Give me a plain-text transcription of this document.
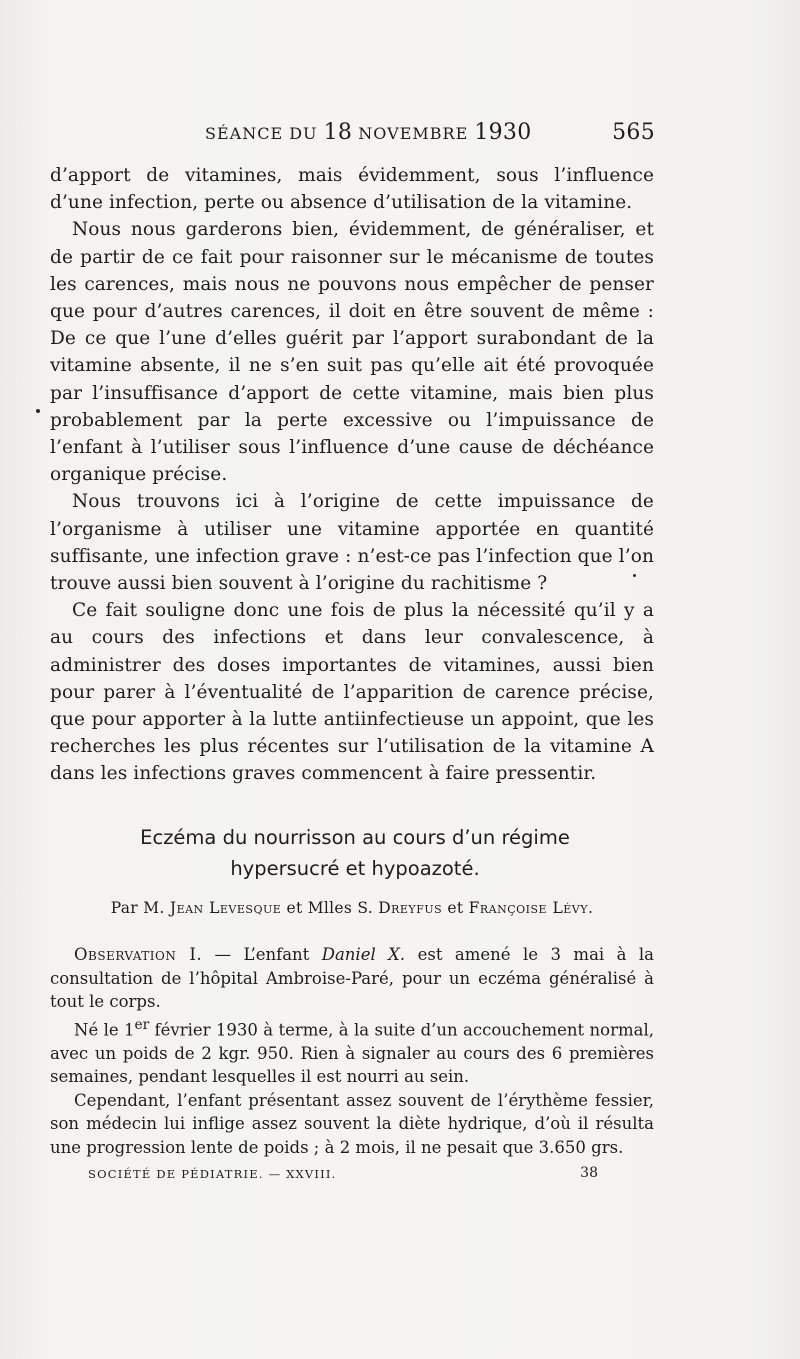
SÉANCE DU 18 NOVEMBRE 1930	565

d’apport de vitamines, mais évidemment, sous l’influence d’une infection, perte ou absence d’utilisation de la vitamine.

Nous nous garderons bien, évidemment, de généraliser, et de partir de ce fait pour raisonner sur le mécanisme de toutes les carences, mais nous ne pouvons nous empêcher de penser que pour d’autres carences, il doit en être souvent de même : De ce que l’une d’elles guérit par l’apport surabondant de la vitamine absente, il ne s’en suit pas qu’elle ait été provoquée par l’insuffisance d’apport de cette vitamine, mais bien plus probablement par la perte excessive ou l’impuissance de l’enfant à l’utiliser sous l’influence d’une cause de déchéance organique précise.

Nous trouvons ici à l’origine de cette impuissance de l’organisme à utiliser une vitamine apportée en quantité suffisante, une infection grave : n’est-ce pas l’infection que l’on trouve aussi bien souvent à l’origine du rachitisme ?

Ce fait souligne donc une fois de plus la nécessité qu’il y a au cours des infections et dans leur convalescence, à administrer des doses importantes de vitamines, aussi bien pour parer à l’éventualité de l’apparition de carence précise, que pour apporter à la lutte antiinfectieuse un appoint, que les recherches les plus récentes sur l’utilisation de la vitamine A dans les infections graves commencent à faire pressentir.

Eczéma du nourrisson au cours d’un régime
hypersucré et hypoazoté.
Par M. Jean Levesque et Mlles S. Dreyfus et Françoise Lévy.

Observation I. — L’enfant Daniel X. est amené le 3 mai à la consultation de l’hôpital Ambroise-Paré, pour un eczéma généralisé à tout le corps.

Né le 1er février 1930 à terme, à la suite d’un accouchement normal, avec un poids de 2 kgr. 950. Rien à signaler au cours des 6 premières semaines, pendant lesquelles il est nourri au sein.

Cependant, l’enfant présentant assez souvent de l’érythème fessier, son médecin lui inflige assez souvent la diète hydrique, d’où il résulta une progression lente de poids ; à 2 mois, il ne pesait que 3.650 grs.

SOCIÉTÉ DE PÉDIATRIE. — XXVIII.	38
